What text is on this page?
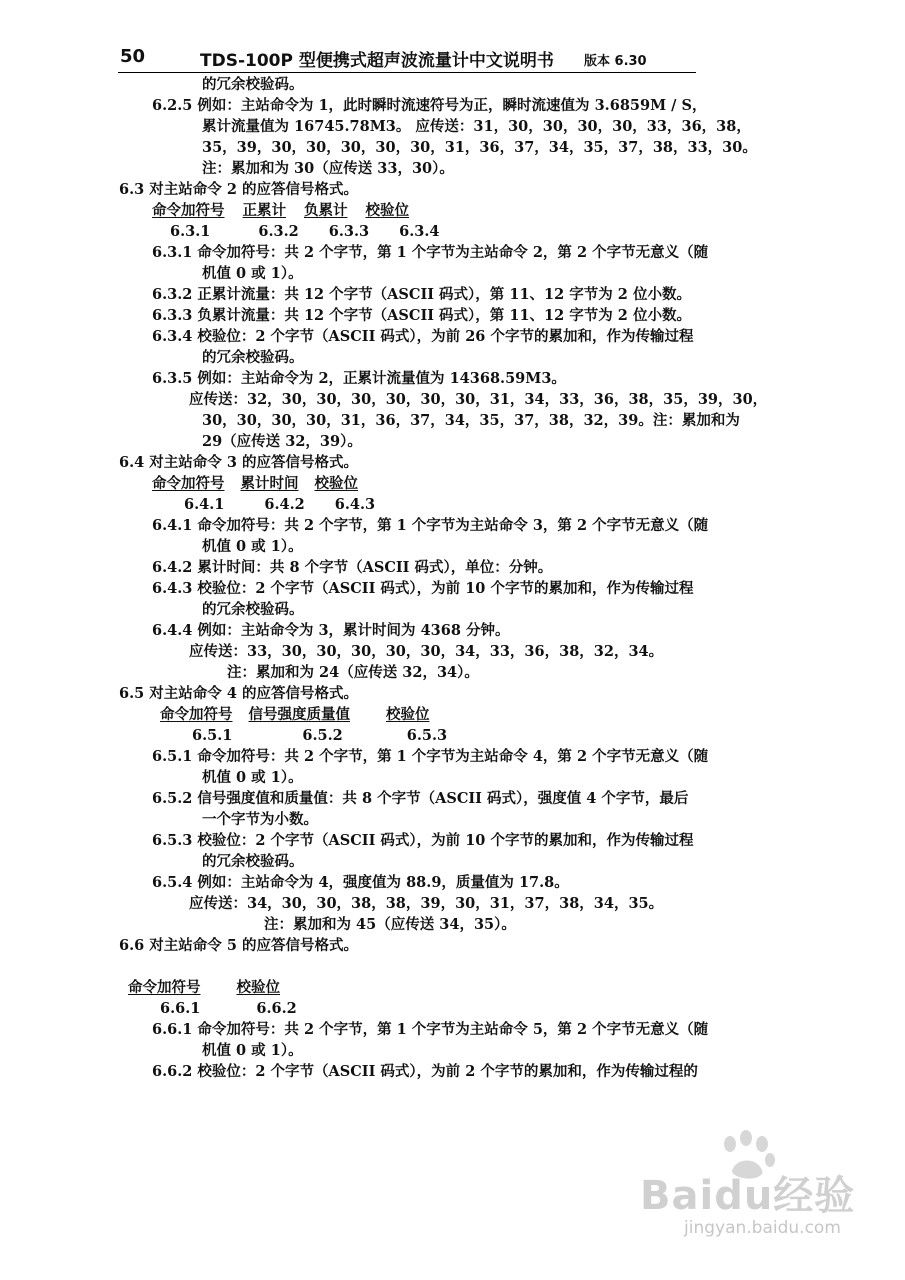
50	TDS-100P 型便携式超声波流量计中文说明书 版本 6.30
的冗余校验码。
6.2.5 例如：主站命令为 1，此时瞬时流速符号为正，瞬时流速值为 3.6859M / S，
累计流量值为 16745.78M3。 应传送：31，30，30，30，30，33，36，38，
35，39，30，30，30，30，30，31，36，37，34，35，37，38，33，30。
注：累加和为 30（应传送 33，30）。
6.3 对主站命令 2 的应答信号格式。
命令加符号 正累计 负累计 校验位
6.3.1	6.3.2 6.3.3 6.3.4
6.3.1 命令加符号：共 2 个字节，第 1 个字节为主站命令 2，第 2 个字节无意义（随
机值 0 或 1）。
6.3.2 正累计流量：共 12 个字节（ASCII 码式），第 11、12 字节为 2 位小数。
6.3.3 负累计流量：共 12 个字节（ASCII 码式），第 11、12 字节为 2 位小数。
6.3.4 校验位：2 个字节（ASCII 码式），为前 26 个字节的累加和，作为传输过程
的冗余校验码。
6.3.5 例如：主站命令为 2，正累计流量值为 14368.59M3。
应传送：32，30，30，30，30，30，30，31，34，33，36，38，35，39，30，
30，30，30，30，31，36，37，34，35，37，38，32，39。注：累加和为
29（应传送 32，39）。
6.4 对主站命令 3 的应答信号格式。
命令加符号 累计时间 校验位
6.4.1	6.4.2 6.4.3
6.4.1 命令加符号：共 2 个字节，第 1 个字节为主站命令 3，第 2 个字节无意义（随
机值 0 或 1）。
6.4.2 累计时间：共 8 个字节（ASCII 码式），单位：分钟。
6.4.3 校验位：2 个字节（ASCII 码式），为前 10 个字节的累加和，作为传输过程
的冗余校验码。
6.4.4 例如：主站命令为 3，累计时间为 4368 分钟。
应传送：33，30，30，30，30，30，34，33，36，38，32，34。
注：累加和为 24（应传送 32，34）。
6.5 对主站命令 4 的应答信号格式。
命令加符号 信号强度质量值 校验位
6.5.1	6.5.2	6.5.3
6.5.1 命令加符号：共 2 个字节，第 1 个字节为主站命令 4，第 2 个字节无意义（随
机值 0 或 1）。
6.5.2 信号强度值和质量值：共 8 个字节（ASCII 码式），强度值 4 个字节，最后
一个字节为小数。
6.5.3 校验位：2 个字节（ASCII 码式），为前 10 个字节的累加和，作为传输过程
的冗余校验码。
6.5.4 例如：主站命令为 4，强度值为 88.9，质量值为 17.8。
应传送：34，30，30，38，38，39，30，31，37，38，34，35。
注：累加和为 45（应传送 34，35）。
6.6 对主站命令 5 的应答信号格式。
命令加符号 校验位
6.6.1	6.6.2
6.6.1 命令加符号：共 2 个字节，第 1 个字节为主站命令 5，第 2 个字节无意义（随
机值 0 或 1）。
6.6.2 校验位：2 个字节（ASCII 码式），为前 2 个字节的累加和，作为传输过程的
Baidu经验
jingyan.baidu.com
